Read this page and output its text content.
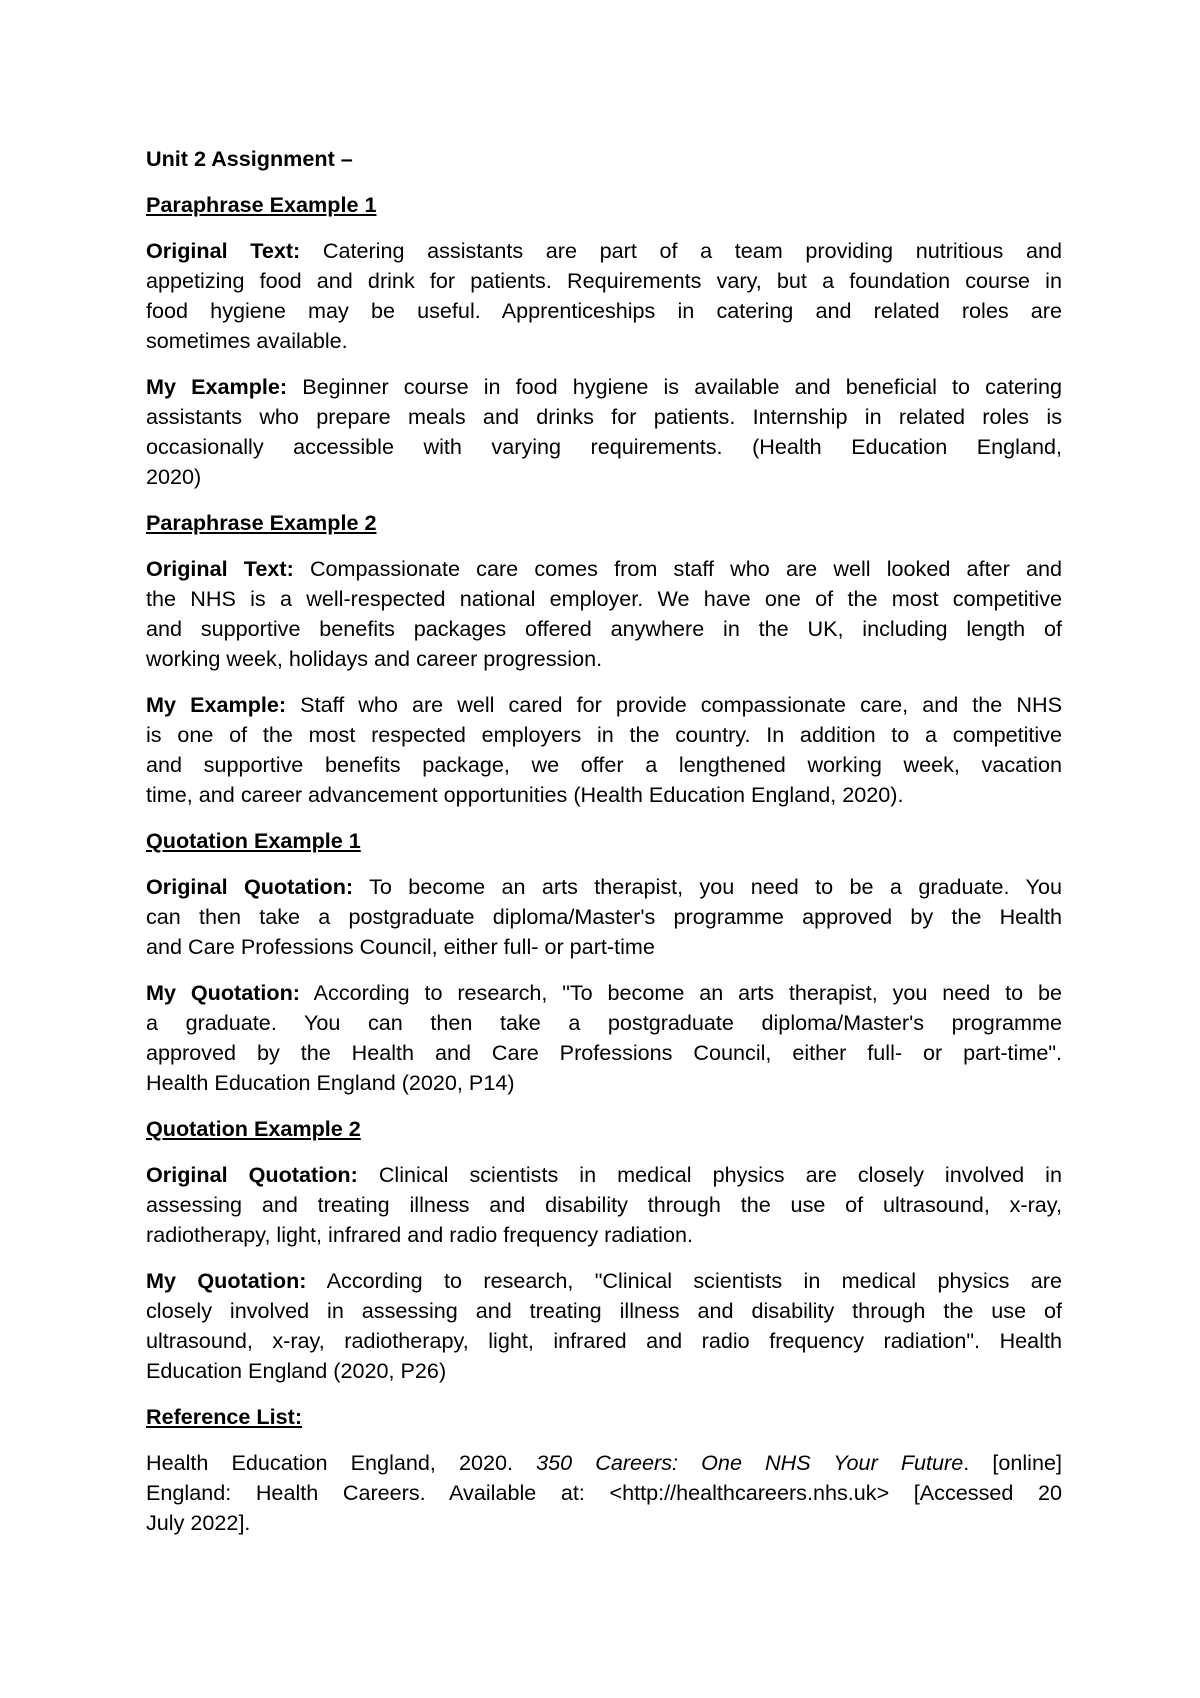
Unit 2 Assignment –
Paraphrase Example 1
Original Text: Catering assistants are part of a team providing nutritious and
appetizing food and drink for patients. Requirements vary, but a foundation course in
food hygiene may be useful. Apprenticeships in catering and related roles are
sometimes available.
My Example: Beginner course in food hygiene is available and beneficial to catering
assistants who prepare meals and drinks for patients. Internship in related roles is
occasionally accessible with varying requirements. (Health Education England,
2020)
Paraphrase Example 2
Original Text: Compassionate care comes from staff who are well looked after and
the NHS is a well-respected national employer. We have one of the most competitive
and supportive benefits packages offered anywhere in the UK, including length of
working week, holidays and career progression.
My Example: Staff who are well cared for provide compassionate care, and the NHS
is one of the most respected employers in the country. In addition to a competitive
and supportive benefits package, we offer a lengthened working week, vacation
time, and career advancement opportunities (Health Education England, 2020).
Quotation Example 1
Original Quotation: To become an arts therapist, you need to be a graduate. You
can then take a postgraduate diploma/Master's programme approved by the Health
and Care Professions Council, either full- or part-time
My Quotation: According to research, "To become an arts therapist, you need to be
a graduate. You can then take a postgraduate diploma/Master's programme
approved by the Health and Care Professions Council, either full- or part-time".
Health Education England (2020, P14)
Quotation Example 2
Original Quotation: Clinical scientists in medical physics are closely involved in
assessing and treating illness and disability through the use of ultrasound, x-ray,
radiotherapy, light, infrared and radio frequency radiation.
My Quotation: According to research, "Clinical scientists in medical physics are
closely involved in assessing and treating illness and disability through the use of
ultrasound, x-ray, radiotherapy, light, infrared and radio frequency radiation". Health
Education England (2020, P26)
Reference List:
Health Education England, 2020. 350 Careers: One NHS Your Future. [online]
England: Health Careers. Available at: <http://healthcareers.nhs.uk> [Accessed 20
July 2022].
